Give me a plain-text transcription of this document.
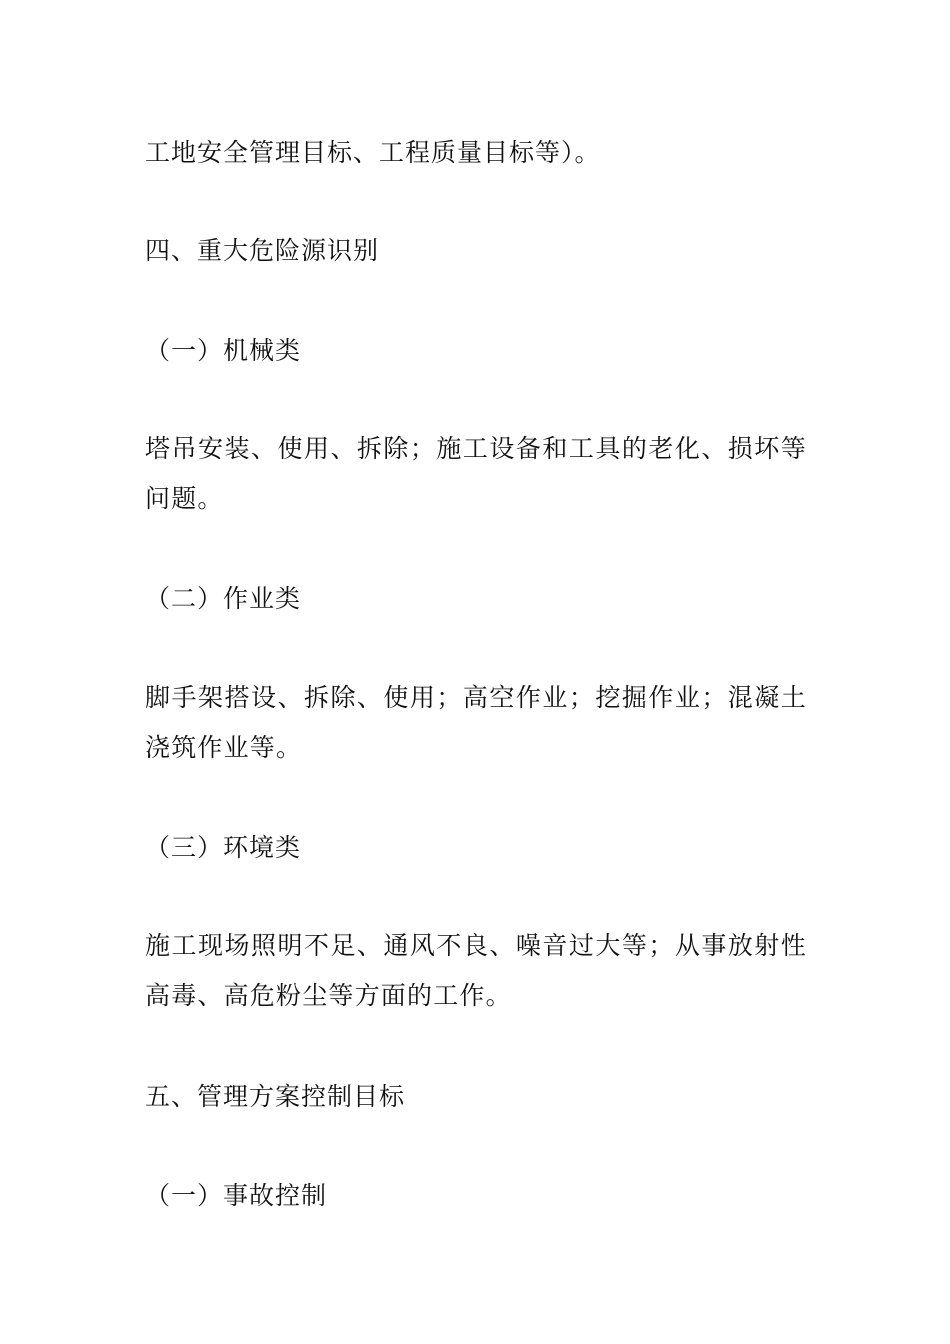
工地安全管理目标、工程质量目标等）。
四、重大危险源识别
（一）机械类
塔吊安装、使用、拆除；施工设备和工具的老化、损坏等问题。
（二）作业类
脚手架搭设、拆除、使用；高空作业；挖掘作业；混凝土浇筑作业等。
（三）环境类
施工现场照明不足、通风不良、噪音过大等；从事放射性高毒、高危粉尘等方面的工作。
五、管理方案控制目标
（一）事故控制
